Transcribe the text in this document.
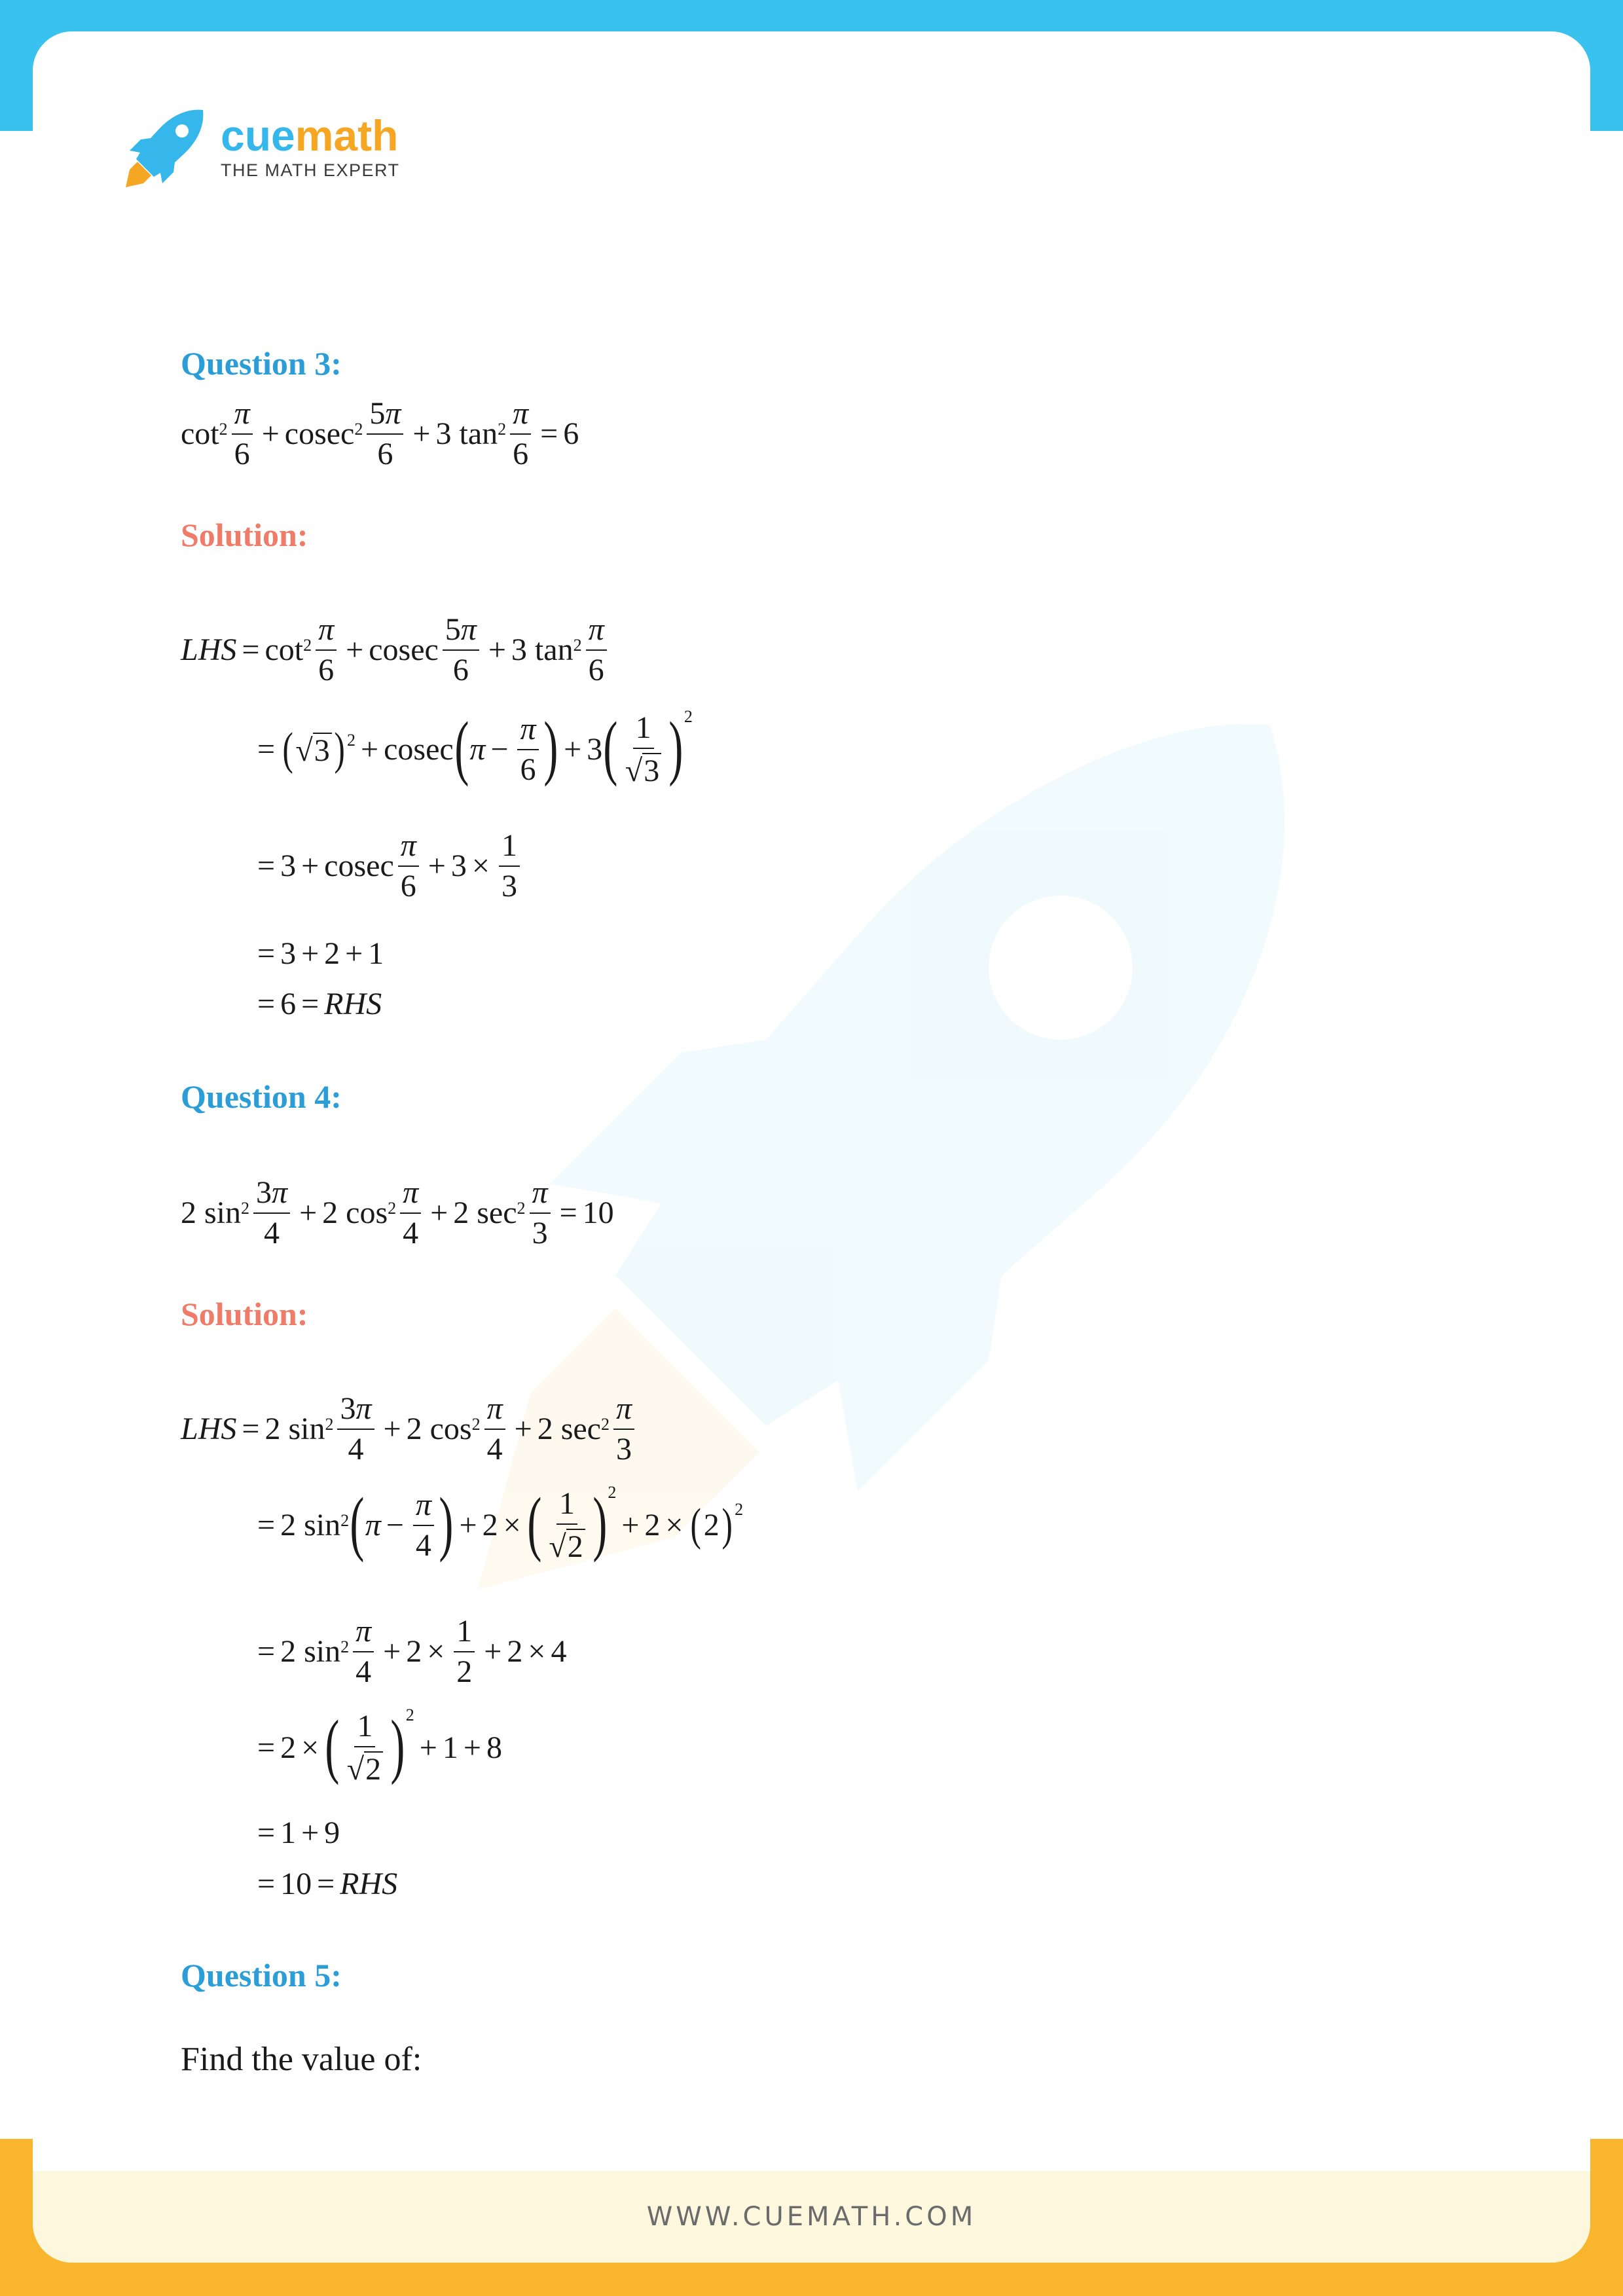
cuemath
THE MATH EXPERT
Question 3:
$\cot^2 \frac{\pi}{6} + cosec^2 \frac{5\pi}{6} + 3$ $\tan^2 \frac{\pi}{6} = 6$
Solution:
LHS = $\cot^2 \frac{\pi}{6} + cosec \frac{5\pi}{6} + 3$ $\tan^2 \frac{\pi}{6}$
= ( √ 3 )$^2$ + cosec ( $\pi - \frac{\pi}{6}$ ) + 3 ( $\frac{1}{√ 3} )^2$
= 3 + cosec $\frac{\pi}{6} + 3 \times \frac{1}{3}$
= 3 + 2 + 1
= 6 = RHS
Question 4:
2 $\sin^2 \frac{3\pi}{4} + 2$ $\cos^2 \frac{\pi}{4} + 2$ $\sec^2 \frac{\pi}{3} = 10$
Solution:
LHS = 2 $\sin^2 \frac{3\pi}{4} + 2$ $\cos^2 \frac{\pi}{4} + 2$ $\sec^2 \frac{\pi}{3}$
= 2 $\sin^2$ ( $\pi - \frac{\pi}{4}$ ) + 2 × ( $\frac{1}{√ 2} )^2$
+ 2 × ( 2 )$^2$
= 2 $\sin^2 \frac{\pi}{4} + 2 \times \frac{1}{2} + 2 \times 4$
= 2 × ( $\frac{1}{√ 2} )^2$
+ 1 + 8
= 1 + 9
= 10 = RHS
Question 5:
Find the value of:
WWW.CUEMATH.COM
